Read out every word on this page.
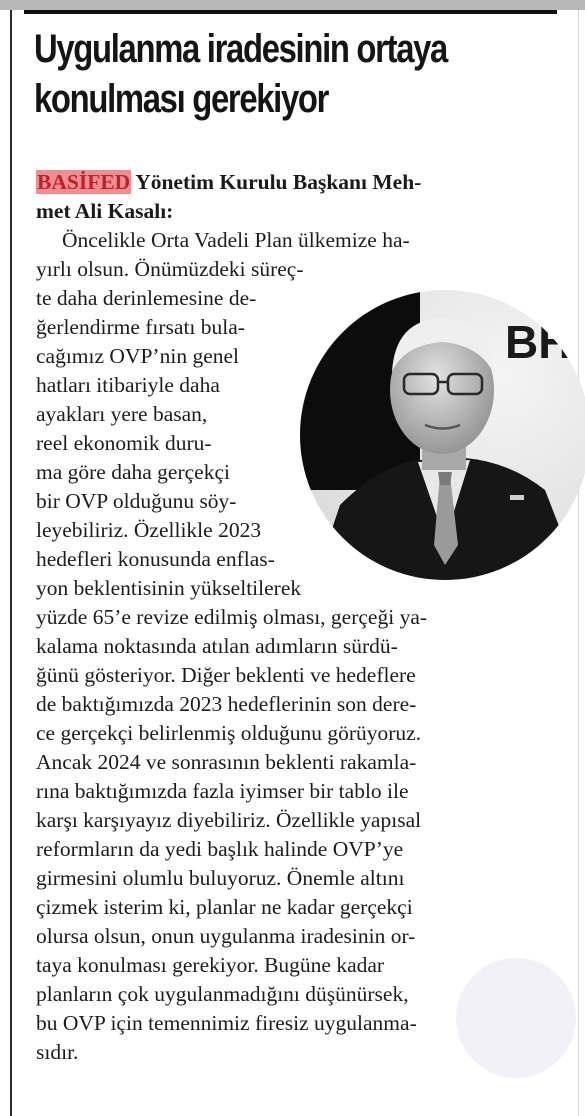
Uygulanma iradesinin ortaya
konulması gerekiyor
BASİFED Yönetim Kurulu Başkanı Meh-
met Ali Kasalı:
Öncelikle Orta Vadeli Plan ülkemize ha-
yırlı olsun. Önümüzdeki süreç-
te daha derinlemesine de-
ğerlendirme fırsatı bula-
cağımız OVP’nin genel
hatları itibariyle daha
ayakları yere basan,
reel ekonomik duru-
ma göre daha gerçekçi
bir OVP olduğunu söy-
leyebiliriz. Özellikle 2023
hedefleri konusunda enflas-
yon beklentisinin yükseltilerek
yüzde 65’e revize edilmiş olması, gerçeği ya-
kalama noktasında atılan adımların sürdü-
ğünü gösteriyor. Diğer beklenti ve hedeflere
de baktığımızda 2023 hedeflerinin son dere-
ce gerçekçi belirlenmiş olduğunu görüyoruz.
Ancak 2024 ve sonrasının beklenti rakamla-
rına baktığımızda fazla iyimser bir tablo ile
karşı karşıyayız diyebiliriz. Özellikle yapısal
reformların da yedi başlık halinde OVP’ye
girmesini olumlu buluyoruz. Önemle altını
çizmek isterim ki, planlar ne kadar gerçekçi
olursa olsun, onun uygulanma iradesinin or-
taya konulması gerekiyor. Bugüne kadar
planların çok uygulanmadığını düşünürsek,
bu OVP için temennimiz firesiz uygulanma-
sıdır.
ВН
